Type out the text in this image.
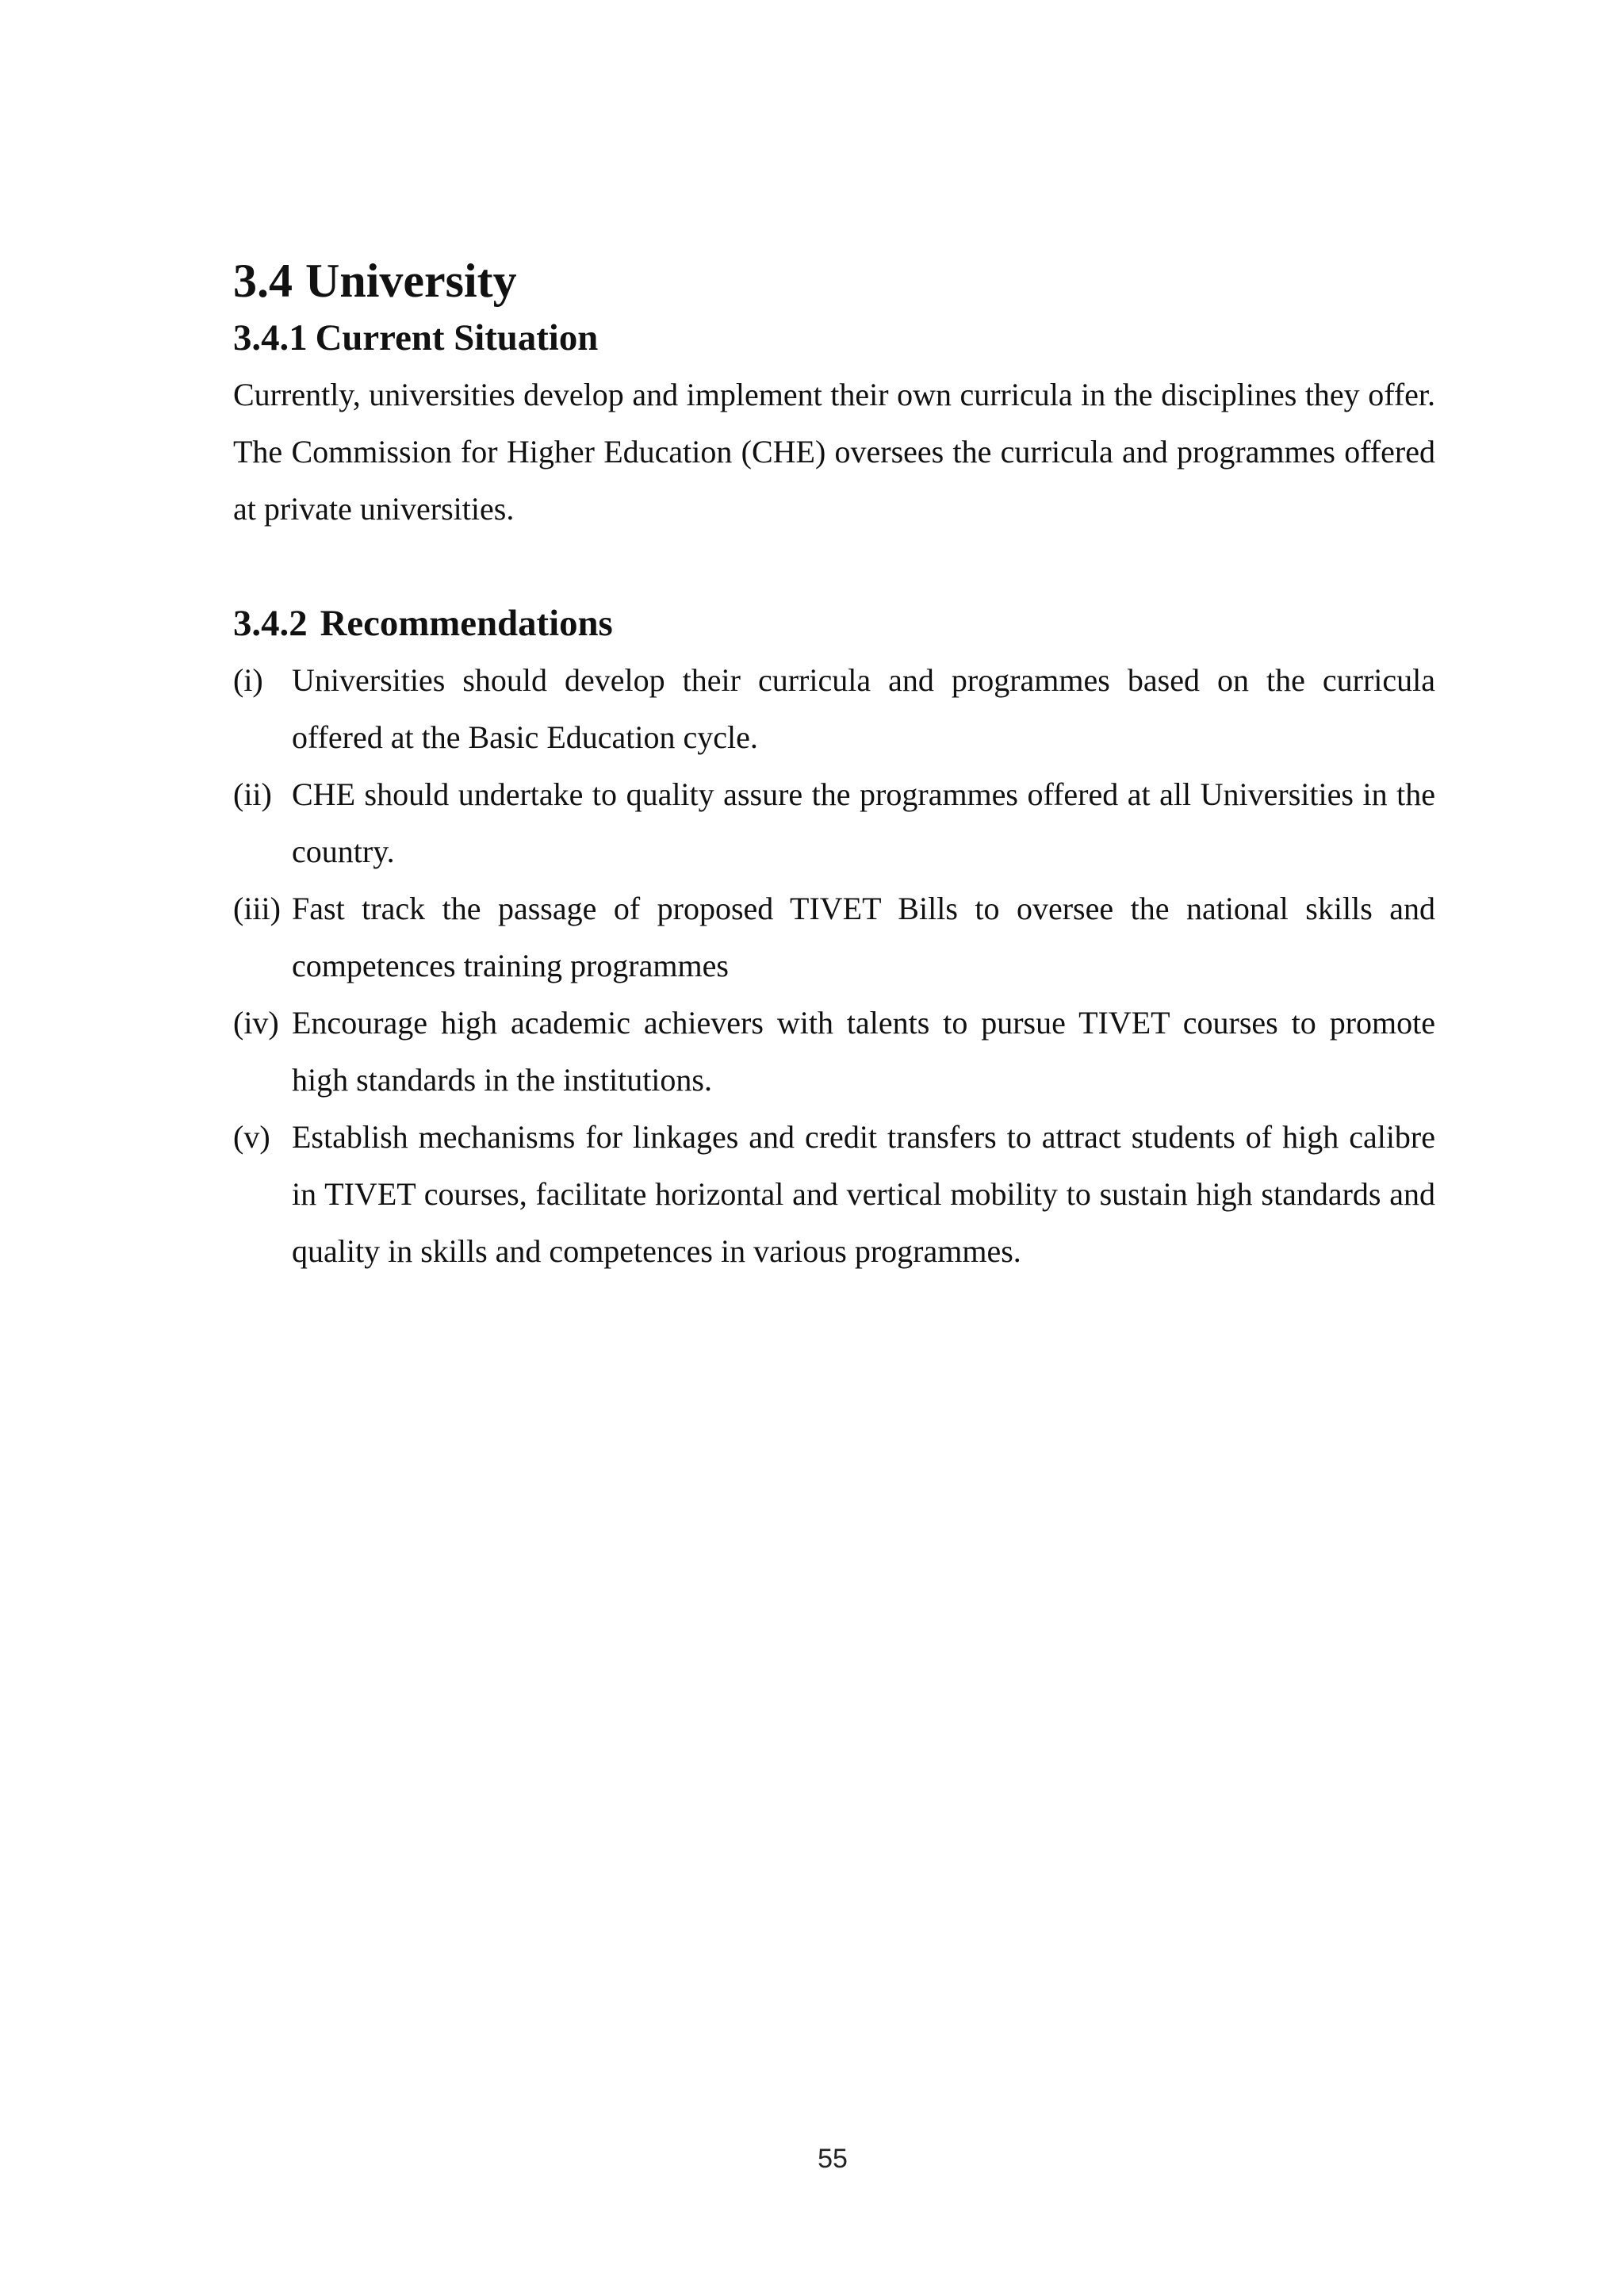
3.4 University
3.4.1 Current Situation

Currently, universities develop and implement their own curricula in the disciplines they offer. The Commission for Higher Education (CHE) oversees the curricula and programmes offered at private universities.

3.4.2 Recommendations
(i) Universities should develop their curricula and programmes based on the curricula offered at the Basic Education cycle.
(ii) CHE should undertake to quality assure the programmes offered at all Universities in the country.
(iii) Fast track the passage of proposed TIVET Bills to oversee the national skills and competences training programmes
(iv) Encourage high academic achievers with talents to pursue TIVET courses to promote high standards in the institutions.
(v) Establish mechanisms for linkages and credit transfers to attract students of high calibre in TIVET courses, facilitate horizontal and vertical mobility to sustain high standards and quality in skills and competences in various programmes.
55
